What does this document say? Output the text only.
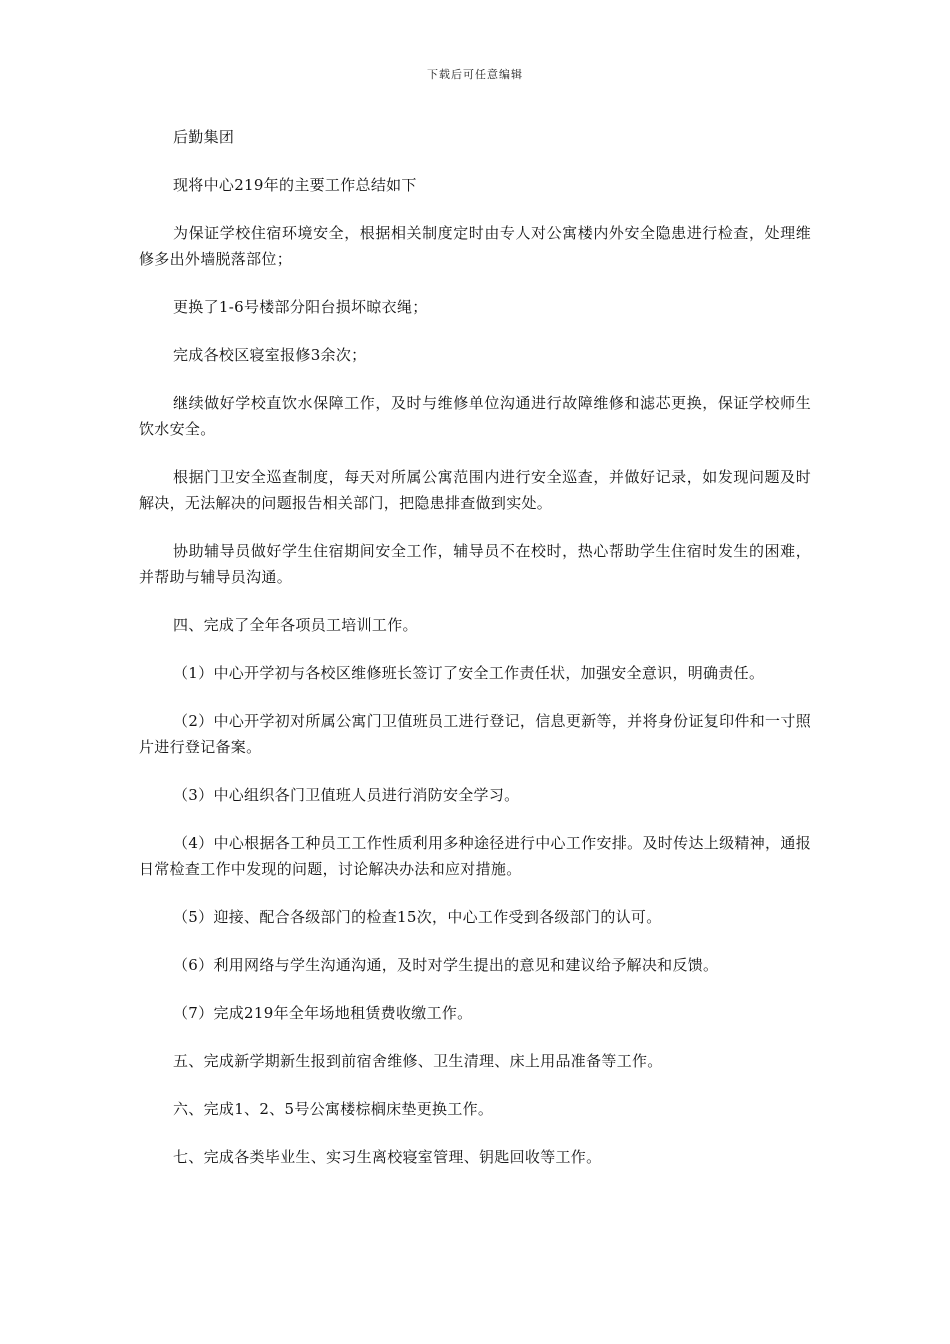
下载后可任意编辑

后勤集团

现将中心219年的主要工作总结如下

为保证学校住宿环境安全，根据相关制度定时由专人对公寓楼内外安全隐患进行检查，处理维修多出外墙脱落部位；

更换了1-6号楼部分阳台损坏晾衣绳；

完成各校区寝室报修3余次；

继续做好学校直饮水保障工作，及时与维修单位沟通进行故障维修和滤芯更换，保证学校师生饮水安全。

根据门卫安全巡查制度，每天对所属公寓范围内进行安全巡查，并做好记录，如发现问题及时解决，无法解决的问题报告相关部门，把隐患排查做到实处。

协助辅导员做好学生住宿期间安全工作，辅导员不在校时，热心帮助学生住宿时发生的困难，并帮助与辅导员沟通。

四、完成了全年各项员工培训工作。

（1）中心开学初与各校区维修班长签订了安全工作责任状，加强安全意识，明确责任。

（2）中心开学初对所属公寓门卫值班员工进行登记，信息更新等，并将身份证复印件和一寸照片进行登记备案。

（3）中心组织各门卫值班人员进行消防安全学习。

（4）中心根据各工种员工工作性质利用多种途径进行中心工作安排。及时传达上级精神，通报日常检查工作中发现的问题，讨论解决办法和应对措施。

（5）迎接、配合各级部门的检查15次，中心工作受到各级部门的认可。

（6）利用网络与学生沟通沟通，及时对学生提出的意见和建议给予解决和反馈。

（7）完成219年全年场地租赁费收缴工作。

五、完成新学期新生报到前宿舍维修、卫生清理、床上用品准备等工作。

六、完成1、2、5号公寓楼棕榈床垫更换工作。

七、完成各类毕业生、实习生离校寝室管理、钥匙回收等工作。
